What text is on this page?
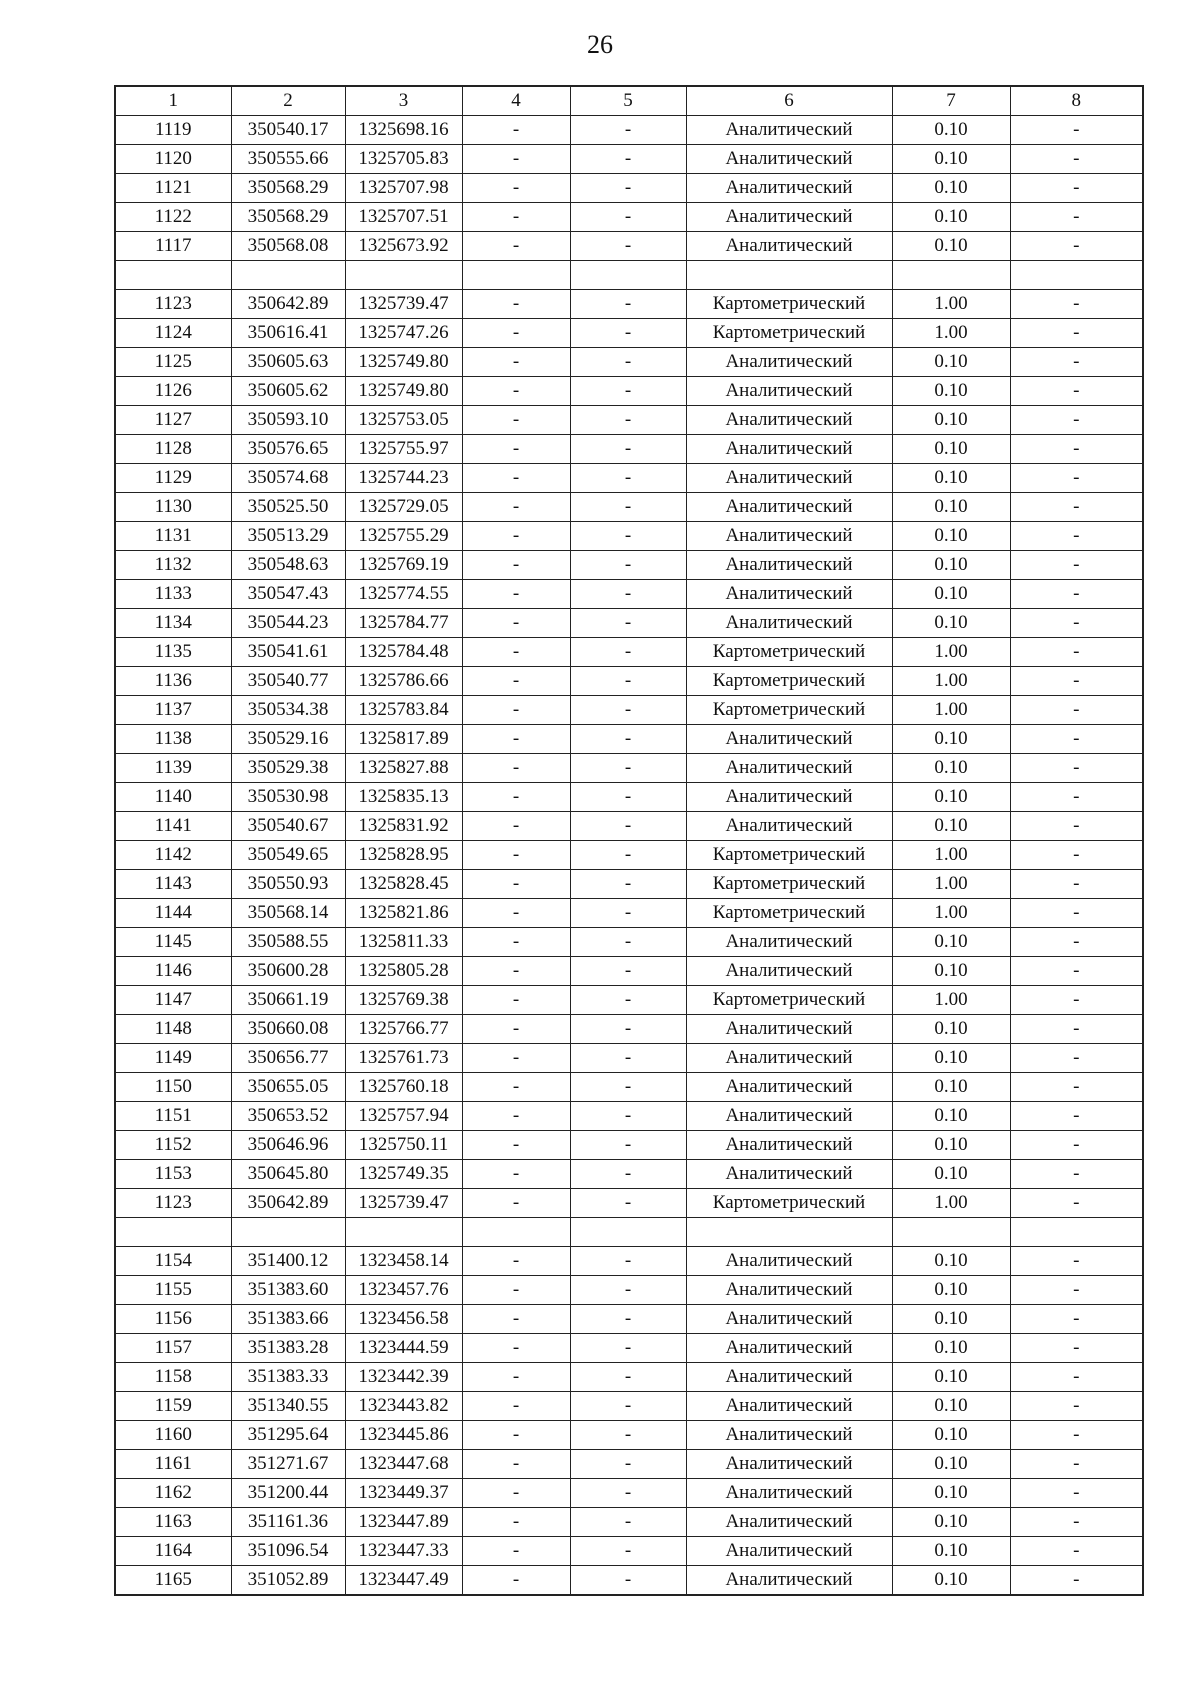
26
1	2	3	4	5	6	7	8
1119	350540.17	1325698.16	-	-	Аналитический	0.10	-
1120	350555.66	1325705.83	-	-	Аналитический	0.10	-
1121	350568.29	1325707.98	-	-	Аналитический	0.10	-
1122	350568.29	1325707.51	-	-	Аналитический	0.10	-
1117	350568.08	1325673.92	-	-	Аналитический	0.10	-

1123	350642.89	1325739.47	-	-	Картометрический	1.00	-
1124	350616.41	1325747.26	-	-	Картометрический	1.00	-
1125	350605.63	1325749.80	-	-	Аналитический	0.10	-
1126	350605.62	1325749.80	-	-	Аналитический	0.10	-
1127	350593.10	1325753.05	-	-	Аналитический	0.10	-
1128	350576.65	1325755.97	-	-	Аналитический	0.10	-
1129	350574.68	1325744.23	-	-	Аналитический	0.10	-
1130	350525.50	1325729.05	-	-	Аналитический	0.10	-
1131	350513.29	1325755.29	-	-	Аналитический	0.10	-
1132	350548.63	1325769.19	-	-	Аналитический	0.10	-
1133	350547.43	1325774.55	-	-	Аналитический	0.10	-
1134	350544.23	1325784.77	-	-	Аналитический	0.10	-
1135	350541.61	1325784.48	-	-	Картометрический	1.00	-
1136	350540.77	1325786.66	-	-	Картометрический	1.00	-
1137	350534.38	1325783.84	-	-	Картометрический	1.00	-
1138	350529.16	1325817.89	-	-	Аналитический	0.10	-
1139	350529.38	1325827.88	-	-	Аналитический	0.10	-
1140	350530.98	1325835.13	-	-	Аналитический	0.10	-
1141	350540.67	1325831.92	-	-	Аналитический	0.10	-
1142	350549.65	1325828.95	-	-	Картометрический	1.00	-
1143	350550.93	1325828.45	-	-	Картометрический	1.00	-
1144	350568.14	1325821.86	-	-	Картометрический	1.00	-
1145	350588.55	1325811.33	-	-	Аналитический	0.10	-
1146	350600.28	1325805.28	-	-	Аналитический	0.10	-
1147	350661.19	1325769.38	-	-	Картометрический	1.00	-
1148	350660.08	1325766.77	-	-	Аналитический	0.10	-
1149	350656.77	1325761.73	-	-	Аналитический	0.10	-
1150	350655.05	1325760.18	-	-	Аналитический	0.10	-
1151	350653.52	1325757.94	-	-	Аналитический	0.10	-
1152	350646.96	1325750.11	-	-	Аналитический	0.10	-
1153	350645.80	1325749.35	-	-	Аналитический	0.10	-
1123	350642.89	1325739.47	-	-	Картометрический	1.00	-

1154	351400.12	1323458.14	-	-	Аналитический	0.10	-
1155	351383.60	1323457.76	-	-	Аналитический	0.10	-
1156	351383.66	1323456.58	-	-	Аналитический	0.10	-
1157	351383.28	1323444.59	-	-	Аналитический	0.10	-
1158	351383.33	1323442.39	-	-	Аналитический	0.10	-
1159	351340.55	1323443.82	-	-	Аналитический	0.10	-
1160	351295.64	1323445.86	-	-	Аналитический	0.10	-
1161	351271.67	1323447.68	-	-	Аналитический	0.10	-
1162	351200.44	1323449.37	-	-	Аналитический	0.10	-
1163	351161.36	1323447.89	-	-	Аналитический	0.10	-
1164	351096.54	1323447.33	-	-	Аналитический	0.10	-
1165	351052.89	1323447.49	-	-	Аналитический	0.10	-
